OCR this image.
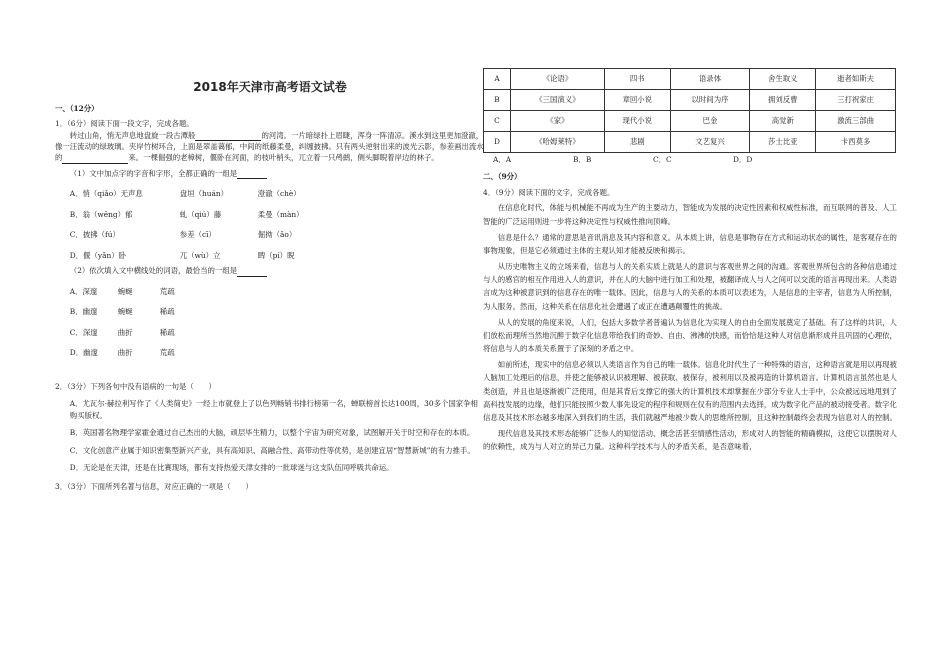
2018年天津市高考语文试卷

一、（12分）

1．（6分）阅读下面一段文字，完成各题。

转过山角，悄无声息地盘旋一段古潭般	的河湾。一片暗绿扑上眉睫，浑身一阵清凉。溪水到这里更加澄澈，像一汪流动的绿玻璃。夹岸竹树环合，上面是翠盖蔼郁，中间的纸藤柔曼，纠缠披拂。只有两头逆射出来的波光云影，参差画出流水的	来。一棵倔强的老樟树，偃卧在河面，的枝叶梢头，兀立着一只鸬鹚，侧头脚睨着岸边的林子。

（1）文中加点字的字音和字形，全都正确的一组是

A．悄（qiǎo）无声息	盘垣（huán）	澄澈（chè）
B．翁（wěng）郁	虬（qiú）藤	柔曼（màn）
C．披拂（fú）	参差（cī）	倔拗（ǎo）
D．偃（yǎn）卧	兀（wù）立	睥（pí）睨

（2）依次填入文中横线处的词语，最恰当的一组是

A．深邃	蜿蜒	荒疏
B．幽邃	蜿蜒	稀疏
C．深邃	曲折	稀疏
D．幽邃	曲折	荒疏

2．（3分）下列各句中没有语病的一句是（　　）

A．尤瓦尔·赫拉利写作了《人类简史》一经上市就登上了以色列畅销书排行榜第一名，蝉联榜首长达100周，30多个国家争相购买版权。

B．英国著名物理学家霍金通过自己杰出的大脑，顽层毕生精力，以整个宇宙为研究对象，试图解开关于时空和存在的本质。

C．文化创意产业属于知识密集型新兴产业，具有高知识、高融合性、高带动性等优势，是创建宜居“智慧新城”的有力推手。

D．无论是在天津，还是在比赛现场，都有支持热爱天津女排的一批球迷与这支队伍同呼吸共命运。

3．（3分）下面所列名著与信息，对应正确的一项是（　　）

A	《论语》	四书	语录体	舍生取义	逝者如斯夫
B	《三国演义》	章回小说	以时间为序	拥刘反曹	三打祝家庄
C	《家》	现代小说	巴金	高觉新	激流三部曲
D	《哈姆莱特》	悲剧	文艺复兴	莎士比亚	卡西莫多
A．A	B．B	C．C	D．D

二、（9分）

4．（9分）阅读下面的文字，完成各题。

在信息化时代，体能与机械能不再成为生产的主要动力，智能成为发展的决定性因素和权威性标准，而互联网的普及、人工智能的广泛运用则进一步将这种决定性与权威性推向顶峰。

信息是什么？通常的意思是音讯消息及其内容和意义。从本质上讲，信息是事物存在方式和运动状态的属性，是客观存在的事物现象，但是它必须通过主体的主观认知才能被反映和揭示。

从历史唯物主义的立场来看，信息与人的关系实质上就是人的意识与客观世界之间的沟通。客观世界所包含的各种信息通过与人的感官的相互作用进入人的意识，并在人的大脑中进行加工和处理，被翻译成人与人之间可以交流的语言再现出来。人类语言成为这种被意识到的信息存在的唯一载体。因此，信息与人的关系的本质可以表述为，人是信息的主宰者，信息为人所控制，为人服务。然而，这种关系在信息化社会遭遇了或正在遭遇颠覆性的挑战。

从人的发展的角度来说，人们，包括大多数学者普遍认为信息化为实现人的自由全面发展奠定了基础。有了这样的共识，人们放松而理所当然地沉醉于数字化信息带给我们的奇妙、自由、沸沸的快感，而恰恰是这种人对信息渐形成并且巩固的心理依，将信息与人的本质关系置于了深刻的矛盾之中。

如前所述，现实中的信息必须以人类语言作为自己的唯一载体。信息化时代生了一种特殊的语言，这种语言就是用以再现被人脑加工处理后的信息，并使之能够被认识被理解、被获取、被保存，被利用以及被再造的计算机语言。计算机语言虽然也是人类创造，并且也是逐渐被广泛使用，但是其背后支撑它的强大的计算机技术却掌握在少部分专业人士手中，公众被远远地甩到了高科技发展的边缘，他们只能按照少数人事先设定的程序和规则在仅有的范围内去选择，成为数字化产品的被动接受者。数字化信息及其技术形态越多地深入到我们的生活，我们就越严地被少数人的思维所控制，且这种控制最终会表现为信息对人的控制。

现代信息及其技术形态能够广泛参人的知觉活动、概念活甚至情感性活动，形成对人的智能的精确模拟，这使它以摆脱对人的依赖性，成为与人对立的异己力量。这种科学技术与人的矛盾关系，是否意味着，
